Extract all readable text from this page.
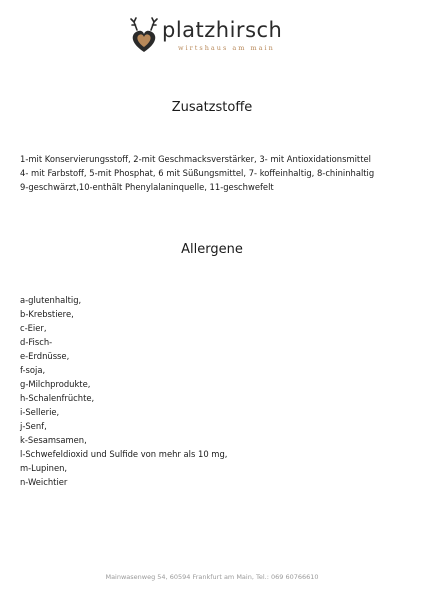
platzhirsch
wirtshaus am main
Zusatzstoffe
1-mit Konservierungsstoff, 2-mit Geschmacksverstärker, 3- mit Antioxidationsmittel
4- mit Farbstoff, 5-mit Phosphat, 6 mit Süßungsmittel, 7- koffeinhaltig, 8-chininhaltig
9-geschwärzt,10-enthält Phenylalaninquelle, 11-geschwefelt
Allergene
a-glutenhaltig,
b-Krebstiere,
c-Eier,
d-Fisch-
e-Erdnüsse,
f-soja,
g-Milchprodukte,
h-Schalenfrüchte,
i-Sellerie,
j-Senf,
k-Sesamsamen,
l-Schwefeldioxid und Sulfide von mehr als 10 mg,
m-Lupinen,
n-Weichtier
Mainwasenweg 54, 60594 Frankfurt am Main, Tel.: 069 60766610
